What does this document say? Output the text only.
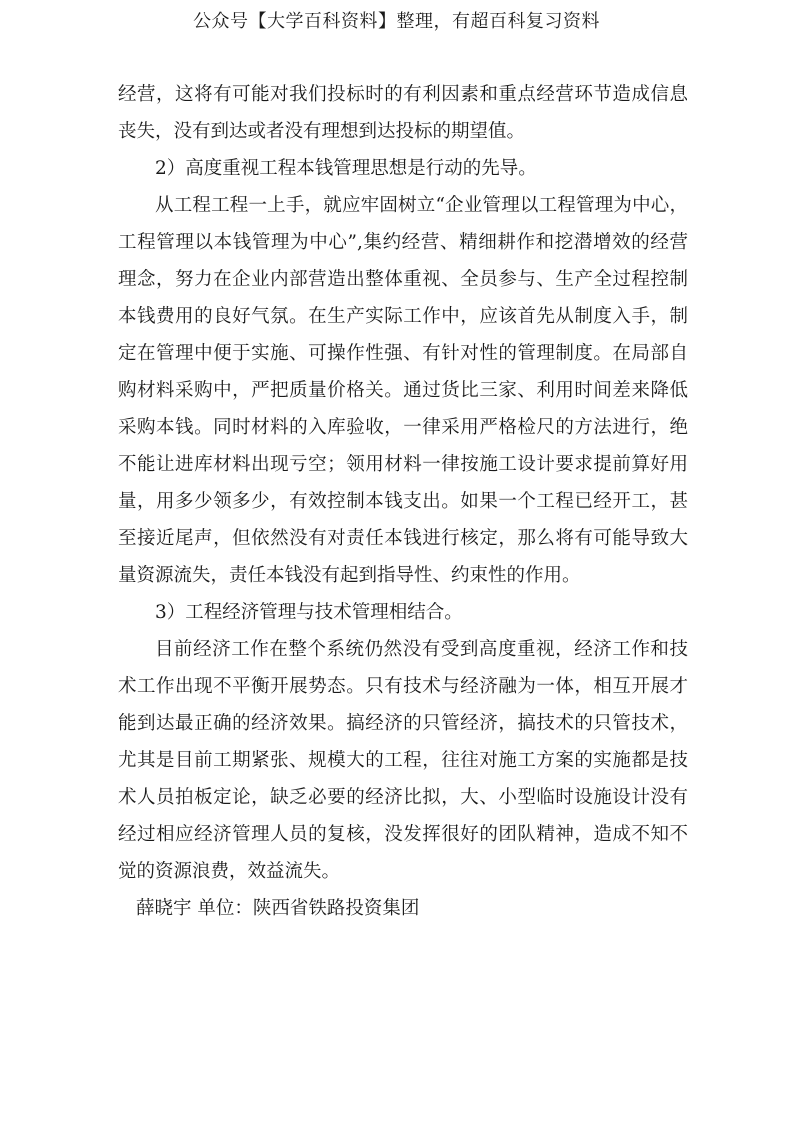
公众号【大学百科资料】整理，有超百科复习资料

经营，这将有可能对我们投标时的有利因素和重点经营环节造成信息丧失，没有到达或者没有理想到达投标的期望值。

2）高度重视工程本钱管理思想是行动的先导。

从工程工程一上手，就应牢固树立“企业管理以工程管理为中心，工程管理以本钱管理为中心”,集约经营、精细耕作和挖潜增效的经营理念，努力在企业内部营造出整体重视、全员参与、生产全过程控制本钱费用的良好气氛。在生产实际工作中，应该首先从制度入手，制定在管理中便于实施、可操作性强、有针对性的管理制度。在局部自购材料采购中，严把质量价格关。通过货比三家、利用时间差来降低采购本钱。同时材料的入库验收，一律采用严格检尺的方法进行，绝不能让进库材料出现亏空；领用材料一律按施工设计要求提前算好用量，用多少领多少，有效控制本钱支出。如果一个工程已经开工，甚至接近尾声，但依然没有对责任本钱进行核定，那么将有可能导致大量资源流失，责任本钱没有起到指导性、约束性的作用。

3）工程经济管理与技术管理相结合。

目前经济工作在整个系统仍然没有受到高度重视，经济工作和技术工作出现不平衡开展势态。只有技术与经济融为一体，相互开展才能到达最正确的经济效果。搞经济的只管经济，搞技术的只管技术，尤其是目前工期紧张、规模大的工程，往往对施工方案的实施都是技术人员拍板定论，缺乏必要的经济比拟，大、小型临时设施设计没有经过相应经济管理人员的复核，没发挥很好的团队精神，造成不知不觉的资源浪费，效益流失。

薛晓宇 单位：陕西省铁路投资集团
